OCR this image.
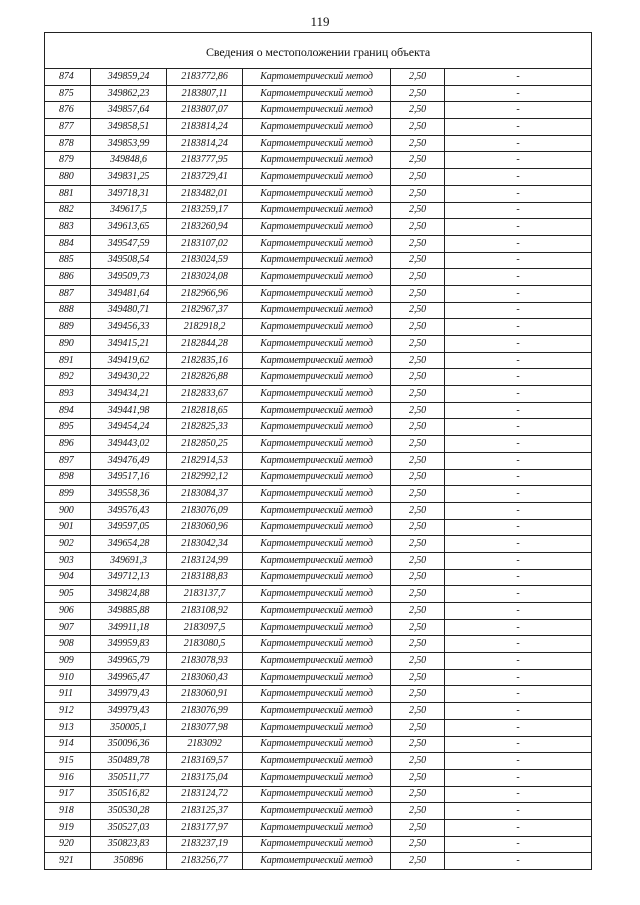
119
Сведения о местоположении границ объекта					
874	349859,24	2183772,86	Картометрический метод	2,50	-
875	349862,23	2183807,11	Картометрический метод	2,50	-
876	349857,64	2183807,07	Картометрический метод	2,50	-
877	349858,51	2183814,24	Картометрический метод	2,50	-
878	349853,99	2183814,24	Картометрический метод	2,50	-
879	349848,6	2183777,95	Картометрический метод	2,50	-
880	349831,25	2183729,41	Картометрический метод	2,50	-
881	349718,31	2183482,01	Картометрический метод	2,50	-
882	349617,5	2183259,17	Картометрический метод	2,50	-
883	349613,65	2183260,94	Картометрический метод	2,50	-
884	349547,59	2183107,02	Картометрический метод	2,50	-
885	349508,54	2183024,59	Картометрический метод	2,50	-
886	349509,73	2183024,08	Картометрический метод	2,50	-
887	349481,64	2182966,96	Картометрический метод	2,50	-
888	349480,71	2182967,37	Картометрический метод	2,50	-
889	349456,33	2182918,2	Картометрический метод	2,50	-
890	349415,21	2182844,28	Картометрический метод	2,50	-
891	349419,62	2182835,16	Картометрический метод	2,50	-
892	349430,22	2182826,88	Картометрический метод	2,50	-
893	349434,21	2182833,67	Картометрический метод	2,50	-
894	349441,98	2182818,65	Картометрический метод	2,50	-
895	349454,24	2182825,33	Картометрический метод	2,50	-
896	349443,02	2182850,25	Картометрический метод	2,50	-
897	349476,49	2182914,53	Картометрический метод	2,50	-
898	349517,16	2182992,12	Картометрический метод	2,50	-
899	349558,36	2183084,37	Картометрический метод	2,50	-
900	349576,43	2183076,09	Картометрический метод	2,50	-
901	349597,05	2183060,96	Картометрический метод	2,50	-
902	349654,28	2183042,34	Картометрический метод	2,50	-
903	349691,3	2183124,99	Картометрический метод	2,50	-
904	349712,13	2183188,83	Картометрический метод	2,50	-
905	349824,88	2183137,7	Картометрический метод	2,50	-
906	349885,88	2183108,92	Картометрический метод	2,50	-
907	349911,18	2183097,5	Картометрический метод	2,50	-
908	349959,83	2183080,5	Картометрический метод	2,50	-
909	349965,79	2183078,93	Картометрический метод	2,50	-
910	349965,47	2183060,43	Картометрический метод	2,50	-
911	349979,43	2183060,91	Картометрический метод	2,50	-
912	349979,43	2183076,99	Картометрический метод	2,50	-
913	350005,1	2183077,98	Картометрический метод	2,50	-
914	350096,36	2183092	Картометрический метод	2,50	-
915	350489,78	2183169,57	Картометрический метод	2,50	-
916	350511,77	2183175,04	Картометрический метод	2,50	-
917	350516,82	2183124,72	Картометрический метод	2,50	-
918	350530,28	2183125,37	Картометрический метод	2,50	-
919	350527,03	2183177,97	Картометрический метод	2,50	-
920	350823,83	2183237,19	Картометрический метод	2,50	-
921	350896	2183256,77	Картометрический метод	2,50	-
